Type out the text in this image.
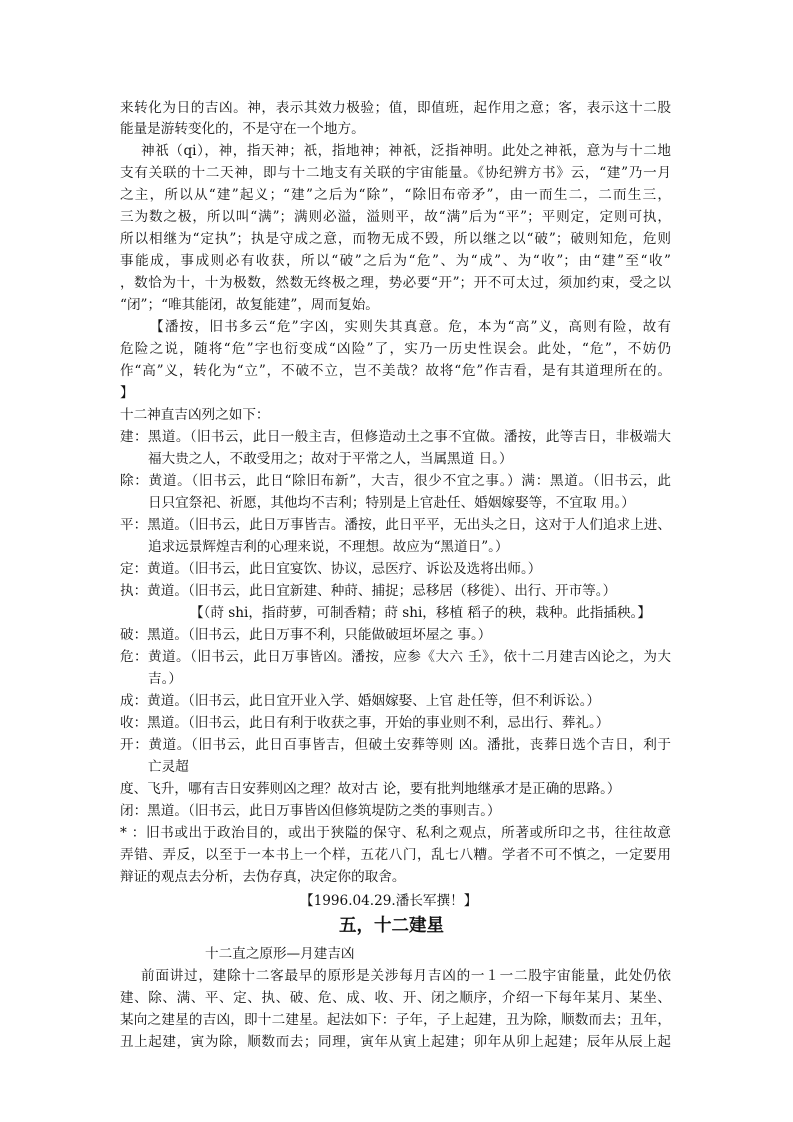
来转化为日的吉凶。神，表示其效力极验；值，即值班，起作用之意；客，表示这十二股
能量是游转变化的，不是守在一个地方。
神祇（qi），神，指天神；祇，指地神；神祇，泛指神明。此处之神祇，意为与十二地
支有关联的十二天神，即与十二地支有关联的宇宙能量。《协纪辨方书》云，“建”乃一月
之主，所以从“建”起义；“建”之后为“除”，“除旧布帝矛”，由一而生二，二而生三，
三为数之极，所以叫“满”；满则必溢，溢则平，故“满”后为“平”；平则定，定则可执，
所以相继为“定执”；执是守成之意，而物无成不毁，所以继之以“破”；破则知危，危则
事能成，事成则必有收获，所以“破”之后为“危”、为“成”、为“收”；由“建”至“收”
，数恰为十，十为极数，然数无终极之理，势必要“开”；开不可太过，须加约束，受之以
“闭”；“唯其能闭，故复能建”，周而复始。
【潘按，旧书多云“危”字凶，实则失其真意。危，本为“高”义，高则有险，故有
危险之说，随将“危”字也衍变成“凶险”了，实乃一历史性误会。此处，“危”，不妨仍
作“高”义，转化为“立”，不破不立，岂不美哉？故将“危”作吉看，是有其道理所在的。
】
十二神直吉凶列之如下：
建：黑道。（旧书云，此日一般主吉，但修造动土之事不宜做。潘按，此等吉日，非极端大
福大贵之人，不敢受用之；故对于平常之人，当属黑道 日。）
除：黄道。（旧书云，此日“除旧布新”，大吉，很少不宜之事。）满：黑道。（旧书云，此
日只宜祭祀、祈愿，其他均不吉利；特别是上官赴任、婚姻嫁娶等，不宜取 用。）
平：黑道。（旧书云，此日万事皆吉。潘按，此日平平，无出头之日，这对于人们追求上进、
追求远景辉煌吉利的心理来说，不理想。故应为“黑道日”。）
定：黄道。（旧书云，此日宜宴饮、协议，忌医疗、诉讼及选将出师。）
执：黄道。（旧书云，此日宜新建、种莳、捕捉；忌移居（移徙）、出行、开市等。）
【（莳 shi，指莳萝，可制香精；莳 shi，移植 稻子的秧，栽种。此指插秧。】
破：黑道。（旧书云，此日万事不利，只能做破垣坏屋之 事。）
危：黄道。（旧书云，此日万事皆凶。潘按，应参《大六 壬》，依十二月建吉凶论之，为大
吉。）
成：黄道。（旧书云，此日宜开业入学、婚姻嫁娶、上官 赴任等，但不利诉讼。）
收：黑道。（旧书云，此日有利于收获之事，开始的事业则不利，忌出行、葬礼。）
开：黄道。（旧书云，此日百事皆吉，但破土安葬等则 凶。潘批，丧葬日选个吉日，利于
亡灵超
度、飞升，哪有吉日安葬则凶之理？故对古 论，要有批判地继承才是正确的思路。）
闭：黑道。（旧书云，此日万事皆凶但修筑堤防之类的事则吉。）
* ：旧书或出于政治目的，或出于狭隘的保守、私利之观点，所著或所印之书，往往故意
弄错、弄反，以至于一本书上一个样，五花八门，乱七八糟。学者不可不慎之，一定要用
辩证的观点去分析，去伪存真，决定你的取舍。
【1996.04.29.潘长军撰！】
五，十二建星
十二直之原形—月建吉凶
前面讲过，建除十二客最早的原形是关涉每月吉凶的一１一二股宇宙能量，此处仍依
建、除、满、平、定、执、破、危、成、收、开、闭之顺序，介绍一下每年某月、某坐、
某向之建星的吉凶，即十二建星。起法如下：子年，子上起建，丑为除，顺数而去；丑年，
丑上起建，寅为除，顺数而去；同理，寅年从寅上起建；卯年从卯上起建；辰年从辰上起
